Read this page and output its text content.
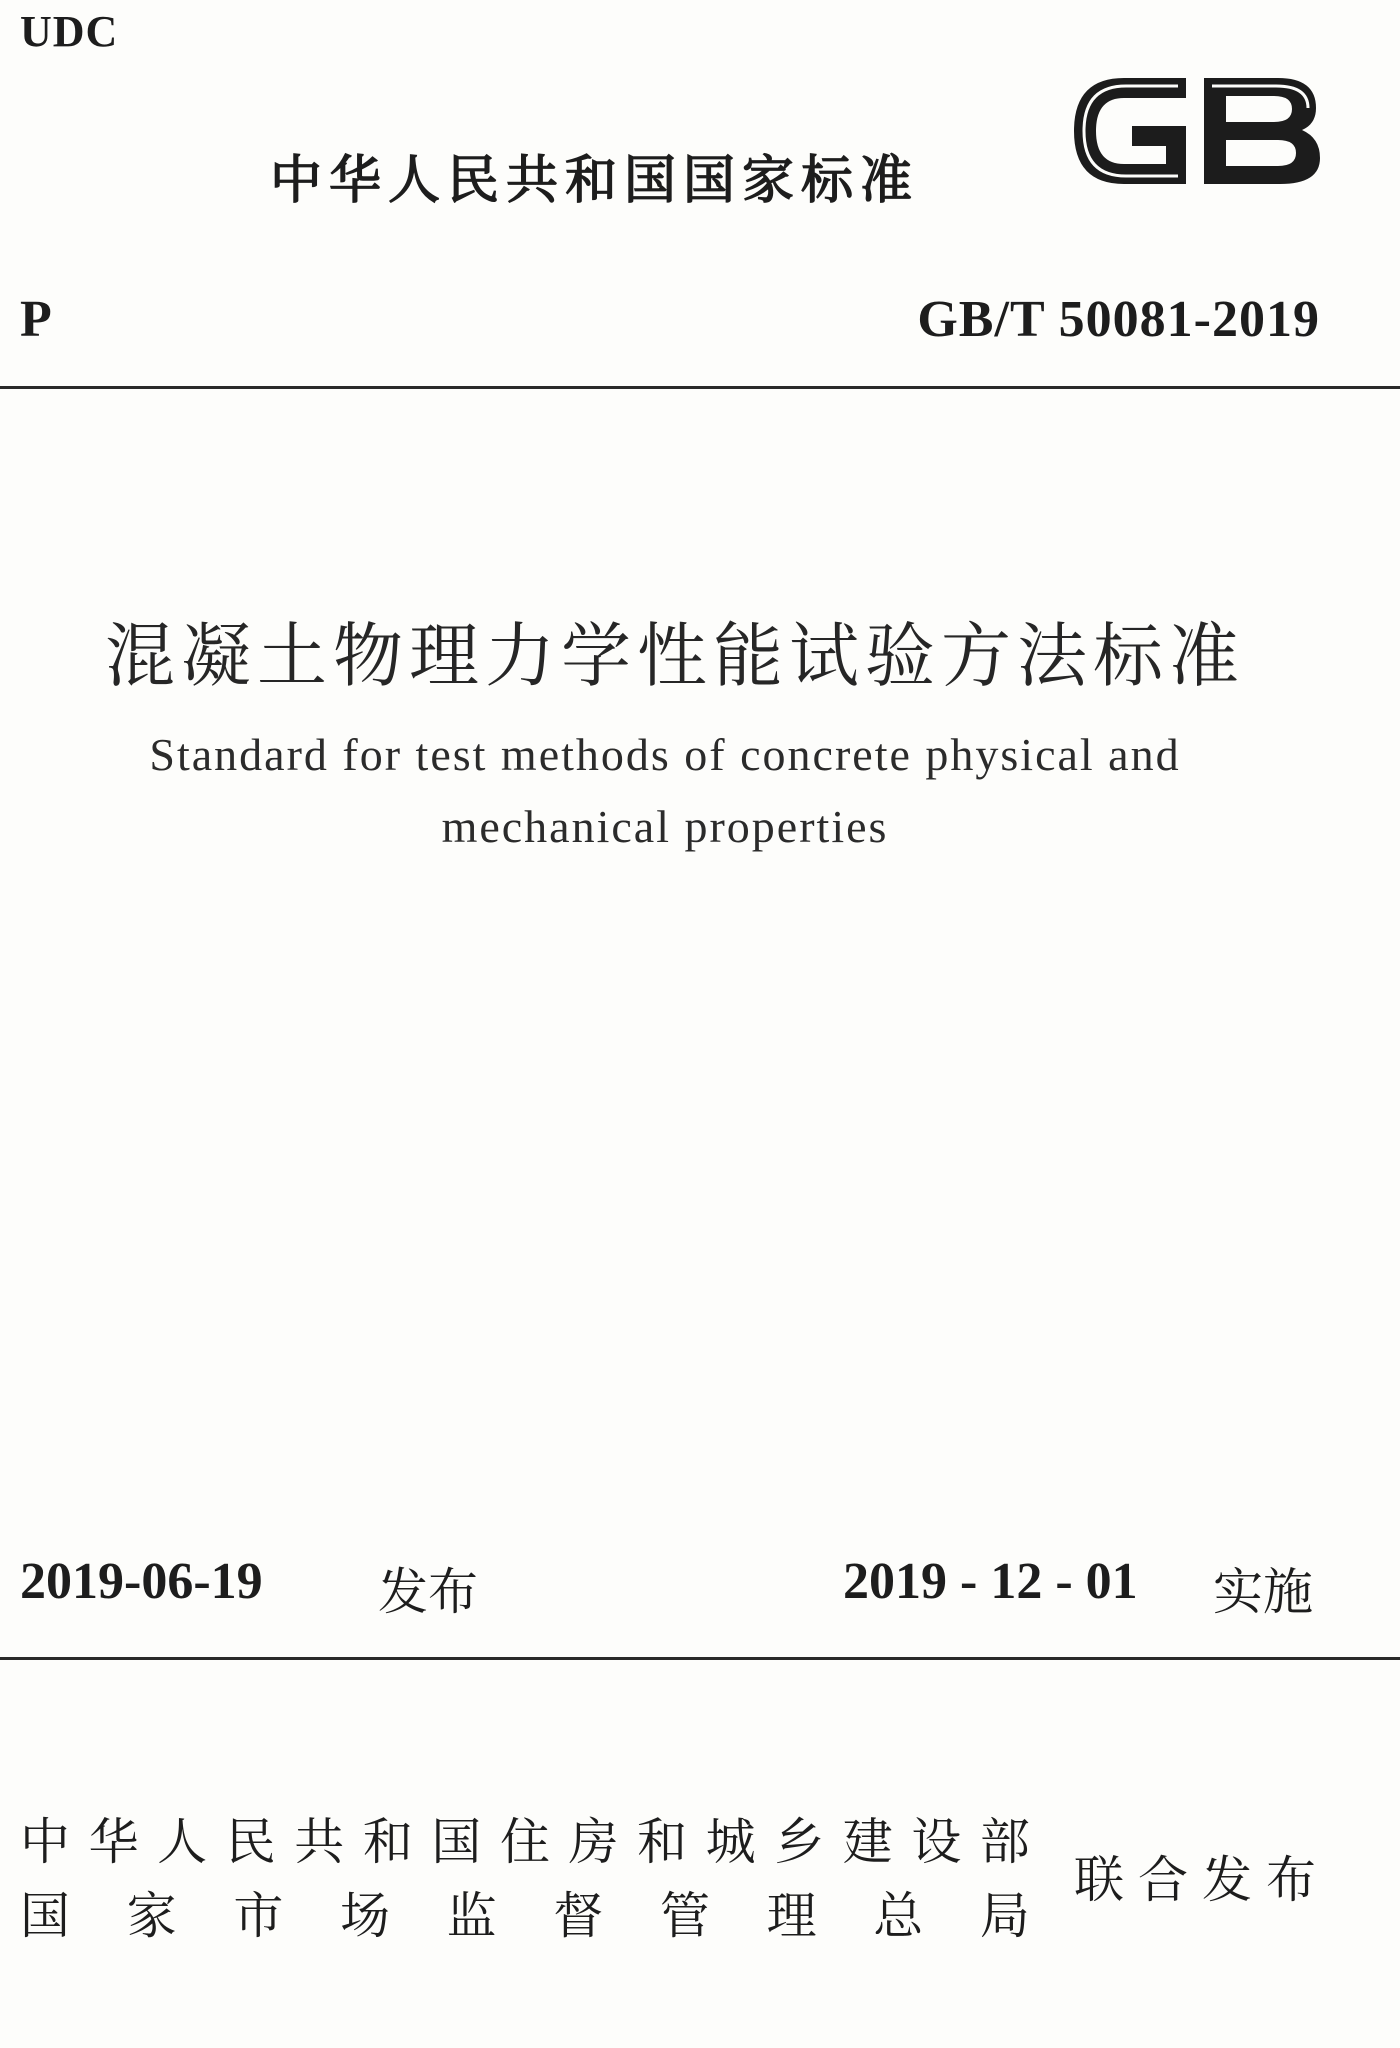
UDC
中华人民共和国国家标准
P	GB/T 50081-2019
混凝土物理力学性能试验方法标准
Standard for test methods of concrete physical and
mechanical properties
2019-06-19 发布	2019 - 12 - 01 实施
中 华 人 民 共 和 国 住 房 和 城 乡 建 设 部
国 家 市 场 监 督 管 理 总 局
联合发布
